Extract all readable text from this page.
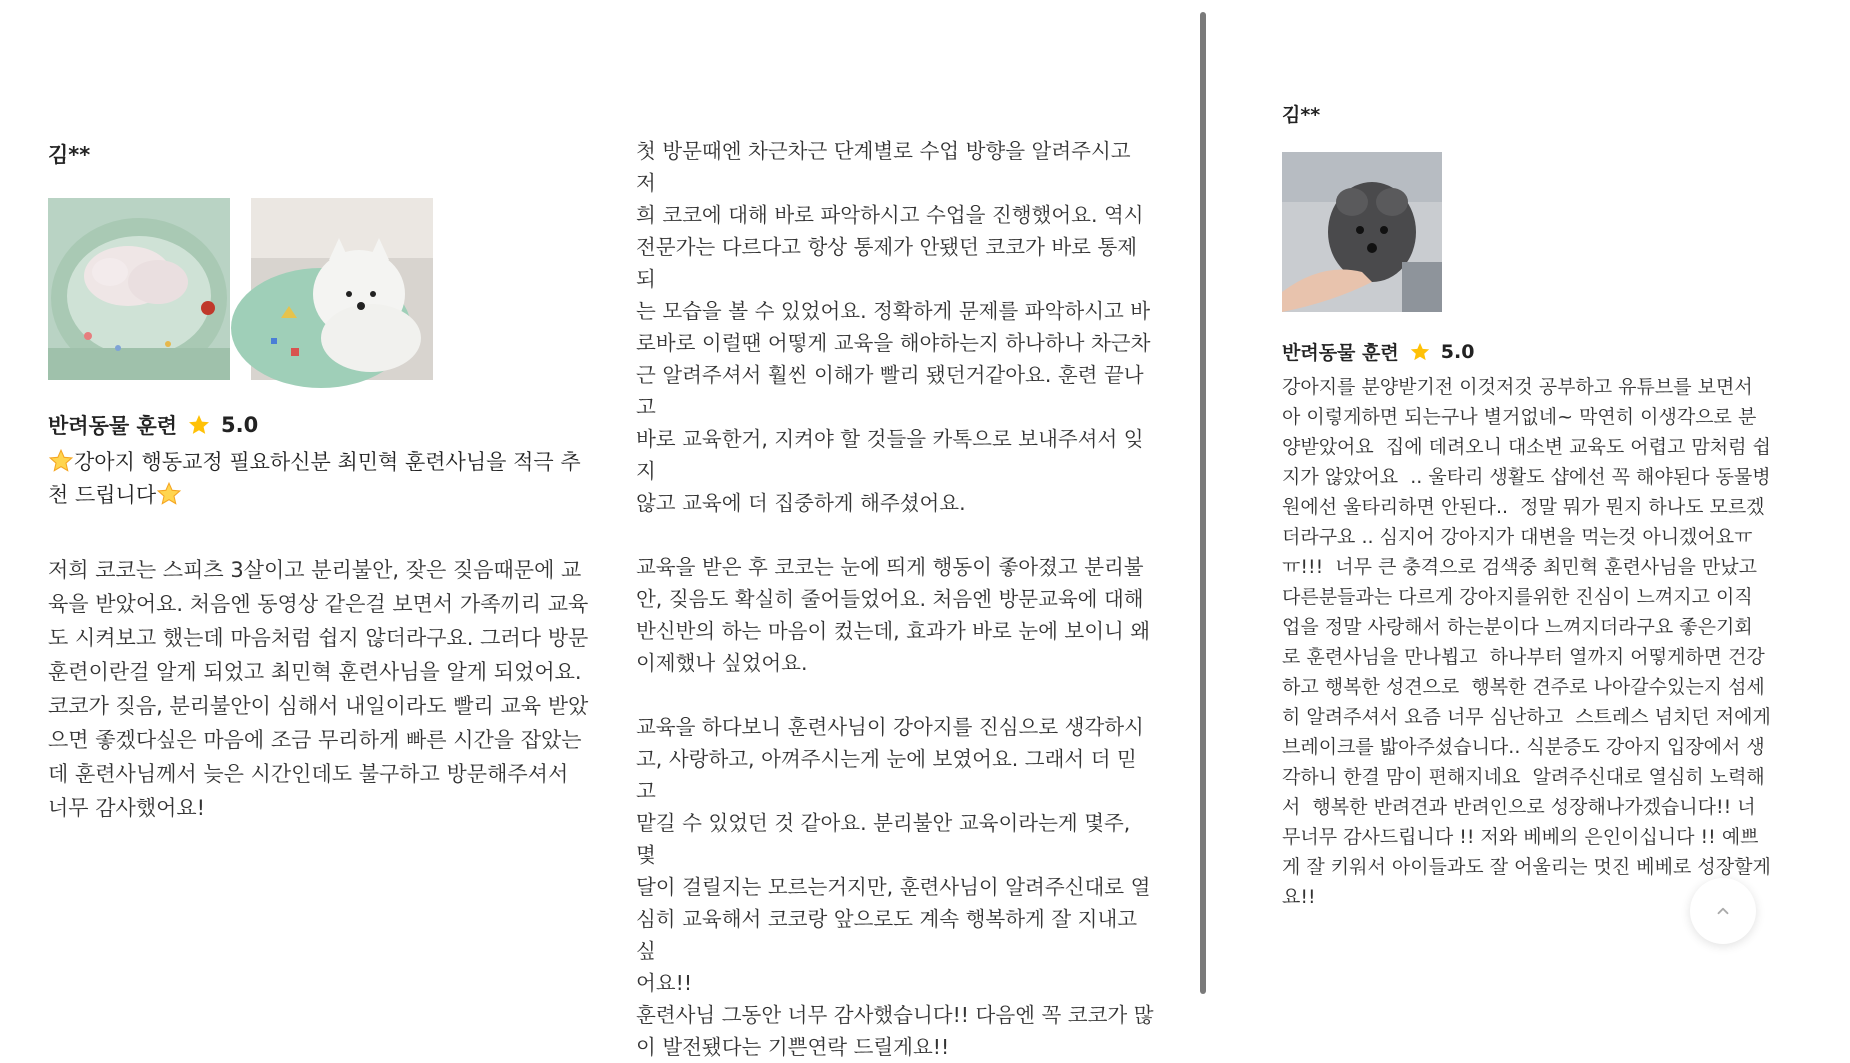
김**
반려동물 훈련 5.0
강아지 행동교정 필요하신분 최민혁 훈련사님을 적극 추천 드립니다
저희 코코는 스피츠 3살이고 분리불안, 잦은 짖음때문에 교
육을 받았어요. 처음엔 동영상 같은걸 보면서 가족끼리 교육
도 시켜보고 했는데 마음처럼 쉽지 않더라구요. 그러다 방문
훈련이란걸 알게 되었고 최민혁 훈련사님을 알게 되었어요.
코코가 짖음, 분리불안이 심해서 내일이라도 빨리 교육 받았
으면 좋겠다싶은 마음에 조금 무리하게 빠른 시간을 잡았는
데 훈련사님께서 늦은 시간인데도 불구하고 방문해주셔서
너무 감사했어요!
첫 방문때엔 차근차근 단계별로 수업 방향을 알려주시고 저
희 코코에 대해 바로 파악하시고 수업을 진행했어요. 역시
전문가는 다르다고 항상 통제가 안됐던 코코가 바로 통제되
는 모습을 볼 수 있었어요. 정확하게 문제를 파악하시고 바
로바로 이럴땐 어떻게 교육을 해야하는지 하나하나 차근차
근 알려주셔서 훨씬 이해가 빨리 됐던거같아요. 훈련 끝나고
바로 교육한거, 지켜야 할 것들을 카톡으로 보내주셔서 잊지
않고 교육에 더 집중하게 해주셨어요.

교육을 받은 후 코코는 눈에 띄게 행동이 좋아졌고 분리불
안, 짖음도 확실히 줄어들었어요. 처음엔 방문교육에 대해
반신반의 하는 마음이 컸는데, 효과가 바로 눈에 보이니 왜
이제했나 싶었어요.

교육을 하다보니 훈련사님이 강아지를 진심으로 생각하시
고, 사랑하고, 아껴주시는게 눈에 보였어요. 그래서 더 믿고
맡길 수 있었던 것 같아요. 분리불안 교육이라는게 몇주, 몇
달이 걸릴지는 모르는거지만, 훈련사님이 알려주신대로 열
심히 교육해서 코코랑 앞으로도 계속 행복하게 잘 지내고싶
어요!!
훈련사님 그동안 너무 감사했습니다!! 다음엔 꼭 코코가 많
이 발전됐다는 기쁜연락 드릴게요!!
김**
반려동물 훈련 5.0
강아지를 분양받기전 이것저것 공부하고 유튜브를 보면서
아 이렇게하면 되는구나 별거없네~ 막연히 이생각으로 분
양받았어요  집에 데려오니 대소변 교육도 어렵고 맘처럼 쉽
지가 않았어요  .. 울타리 생활도 샵에선 꼭 해야된다 동물병
원에선 울타리하면 안된다..  정말 뭐가 뭔지 하나도 모르겠
더라구요 .. 심지어 강아지가 대변을 먹는것 아니겠어요ㅠ
ㅠ!!!  너무 큰 충격으로 검색중 최민혁 훈련사님을 만났고
다른분들과는 다르게 강아지를위한 진심이 느껴지고 이직
업을 정말 사랑해서 하는분이다 느껴지더라구요 좋은기회
로 훈련사님을 만나뵙고  하나부터 열까지 어떻게하면 건강
하고 행복한 성견으로  행복한 견주로 나아갈수있는지 섬세
히 알려주셔서 요즘 너무 심난하고  스트레스 넘치던 저에게
브레이크를 밟아주셨습니다.. 식분증도 강아지 입장에서 생
각하니 한결 맘이 편해지네요  알려주신대로 열심히 노력해
서  행복한 반려견과 반려인으로 성장해나가겠습니다!! 너
무너무 감사드립니다 !! 저와 베베의 은인이십니다 !! 예쁘
게 잘 키워서 아이들과도 잘 어울리는 멋진 베베로 성장할게
요!!
